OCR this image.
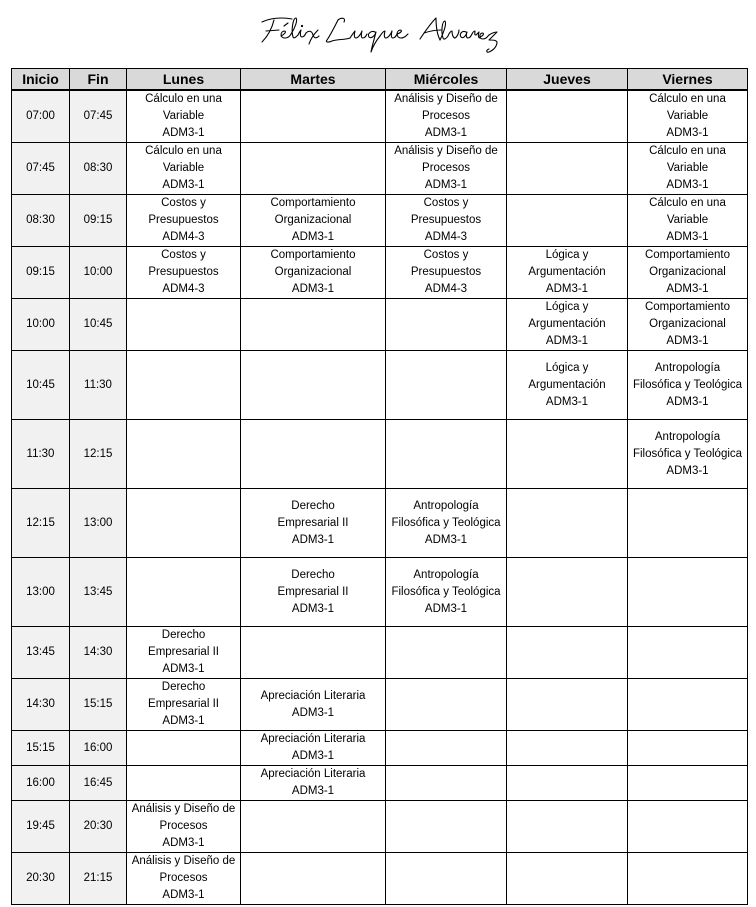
Inicio	Fin	Lunes	Martes	Miércoles	Jueves	Viernes
07:00	07:45	Cálculo en una
Variable
ADM3-1		Análisis y Diseño de
Procesos
ADM3-1		Cálculo en una
Variable
ADM3-1

07:45	08:30	Cálculo en una
Variable
ADM3-1		Análisis y Diseño de
Procesos
ADM3-1		Cálculo en una
Variable
ADM3-1

08:30	09:15	Costos y
Presupuestos
ADM4-3	Comportamiento
Organizacional
ADM3-1	Costos y
Presupuestos
ADM4-3		Cálculo en una
Variable
ADM3-1

09:15	10:00	Costos y
Presupuestos
ADM4-3	Comportamiento
Organizacional
ADM3-1	Costos y
Presupuestos
ADM4-3	Lógica y
Argumentación
ADM3-1	Comportamiento
Organizacional
ADM3-1

10:00	10:45				Lógica y
Argumentación
ADM3-1	Comportamiento
Organizacional
ADM3-1

10:45	11:30				Lógica y
Argumentación
ADM3-1	Antropología
Filosófica y Teológica
ADM3-1

11:30	12:15					Antropología
Filosófica y Teológica
ADM3-1

12:15	13:00		Derecho
Empresarial II
ADM3-1	Antropología
Filosófica y Teológica
ADM3-1		

13:00	13:45		Derecho
Empresarial II
ADM3-1	Antropología
Filosófica y Teológica
ADM3-1		

13:45	14:30	Derecho
Empresarial II
ADM3-1				

14:30	15:15	Derecho
Empresarial II
ADM3-1	Apreciación Literaria
ADM3-1			

15:15	16:00		Apreciación Literaria
ADM3-1			

16:00	16:45		Apreciación Literaria
ADM3-1			

19:45	20:30	Análisis y Diseño de
Procesos
ADM3-1				

20:30	21:15	Análisis y Diseño de
Procesos
ADM3-1				
